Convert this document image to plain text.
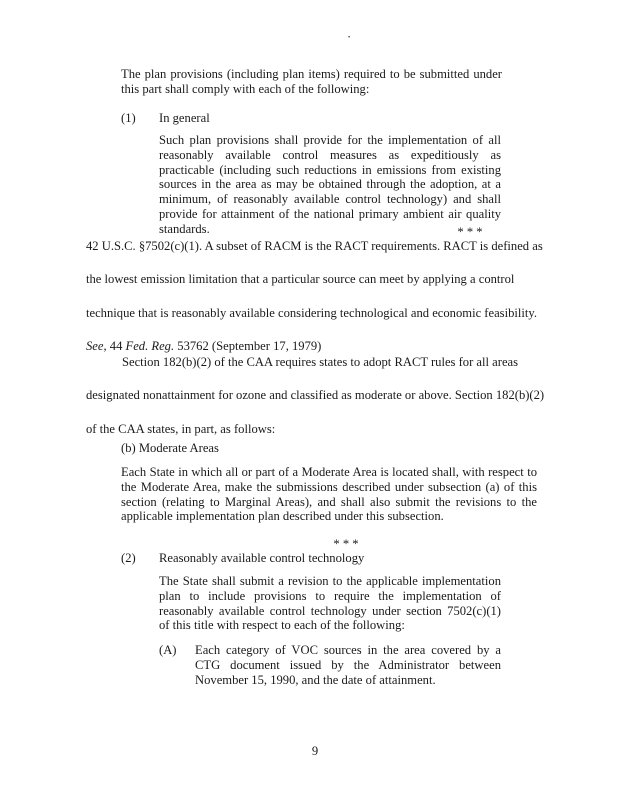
·
The plan provisions (including plan items) required to be submitted under this part shall comply with each of the following:
(1) In general
Such plan provisions shall provide for the implementation of all reasonably available control measures as expeditiously as practicable (including such reductions in emissions from existing sources in the area as may be obtained through the adoption, at a minimum, of reasonably available control technology) and shall provide for attainment of the national primary ambient air quality standards.	* * *
42 U.S.C. §7502(c)(1). A subset of RACM is the RACT requirements. RACT is defined as
the lowest emission limitation that a particular source can meet by applying a control
technique that is reasonably available considering technological and economic feasibility.
See, 44 Fed. Reg. 53762 (September 17, 1979)
Section 182(b)(2) of the CAA requires states to adopt RACT rules for all areas
designated nonattainment for ozone and classified as moderate or above. Section 182(b)(2)
of the CAA states, in part, as follows:
(b) Moderate Areas
Each State in which all or part of a Moderate Area is located shall, with respect to the Moderate Area, make the submissions described under subsection (a) of this section (relating to Marginal Areas), and shall also submit the revisions to the applicable implementation plan described under this subsection.
* * *
(2) Reasonably available control technology
The State shall submit a revision to the applicable implementation plan to include provisions to require the implementation of reasonably available control technology under section 7502(c)(1) of this title with respect to each of the following:
(A) Each category of VOC sources in the area covered by a CTG document issued by the Administrator between November 15, 1990, and the date of attainment.
9
